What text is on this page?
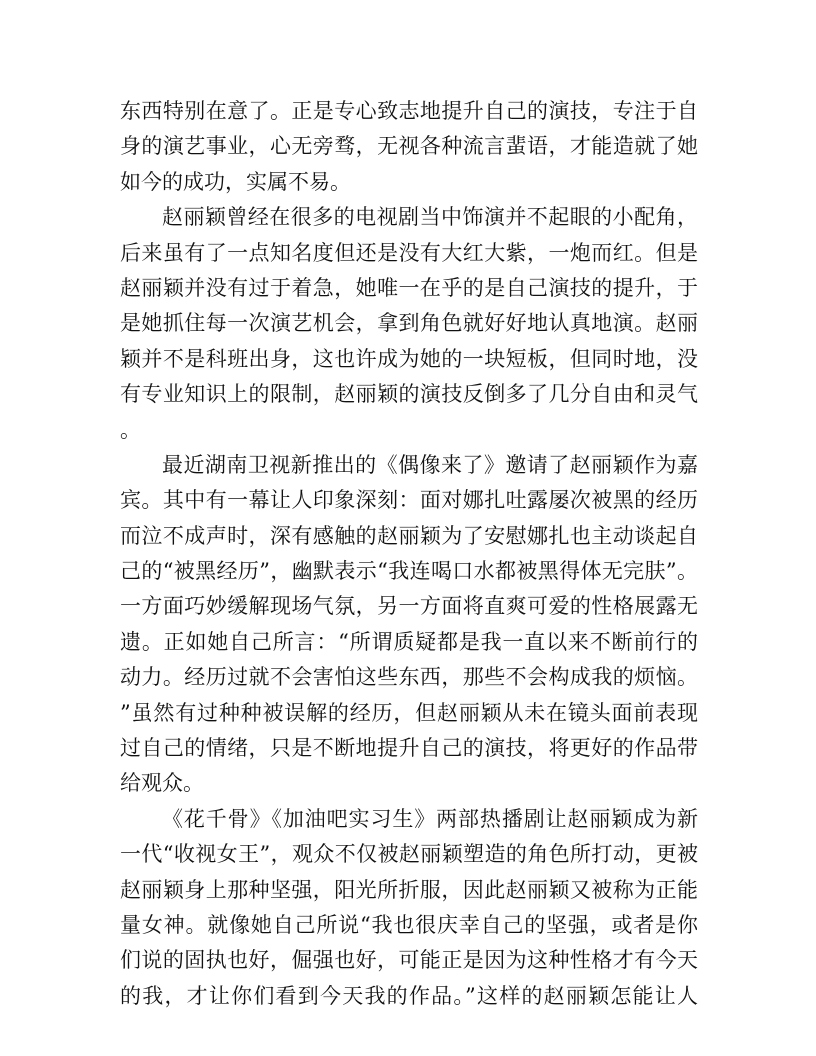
东西特别在意了。正是专心致志地提升自己的演技，专注于自
身的演艺事业，心无旁骛，无视各种流言蜚语，才能造就了她
如今的成功，实属不易。
赵丽颖曾经在很多的电视剧当中饰演并不起眼的小配角，
后来虽有了一点知名度但还是没有大红大紫，一炮而红。但是
赵丽颖并没有过于着急，她唯一在乎的是自己演技的提升，于
是她抓住每一次演艺机会，拿到角色就好好地认真地演。赵丽
颖并不是科班出身，这也许成为她的一块短板，但同时地，没
有专业知识上的限制，赵丽颖的演技反倒多了几分自由和灵气
。
最近湖南卫视新推出的《偶像来了》邀请了赵丽颖作为嘉
宾。其中有一幕让人印象深刻：面对娜扎吐露屡次被黑的经历
而泣不成声时，深有感触的赵丽颖为了安慰娜扎也主动谈起自
己的“被黑经历”，幽默表示“我连喝口水都被黑得体无完肤”。
一方面巧妙缓解现场气氛，另一方面将直爽可爱的性格展露无
遗。正如她自己所言：“所谓质疑都是我一直以来不断前行的
动力。经历过就不会害怕这些东西，那些不会构成我的烦恼。
”虽然有过种种被误解的经历，但赵丽颖从未在镜头面前表现
过自己的情绪，只是不断地提升自己的演技，将更好的作品带
给观众。
《花千骨》《加油吧实习生》两部热播剧让赵丽颖成为新
一代“收视女王”，观众不仅被赵丽颖塑造的角色所打动，更被
赵丽颖身上那种坚强，阳光所折服，因此赵丽颖又被称为正能
量女神。就像她自己所说“我也很庆幸自己的坚强，或者是你
们说的固执也好，倔强也好，可能正是因为这种性格才有今天
的我，才让你们看到今天我的作品。”这样的赵丽颖怎能让人
